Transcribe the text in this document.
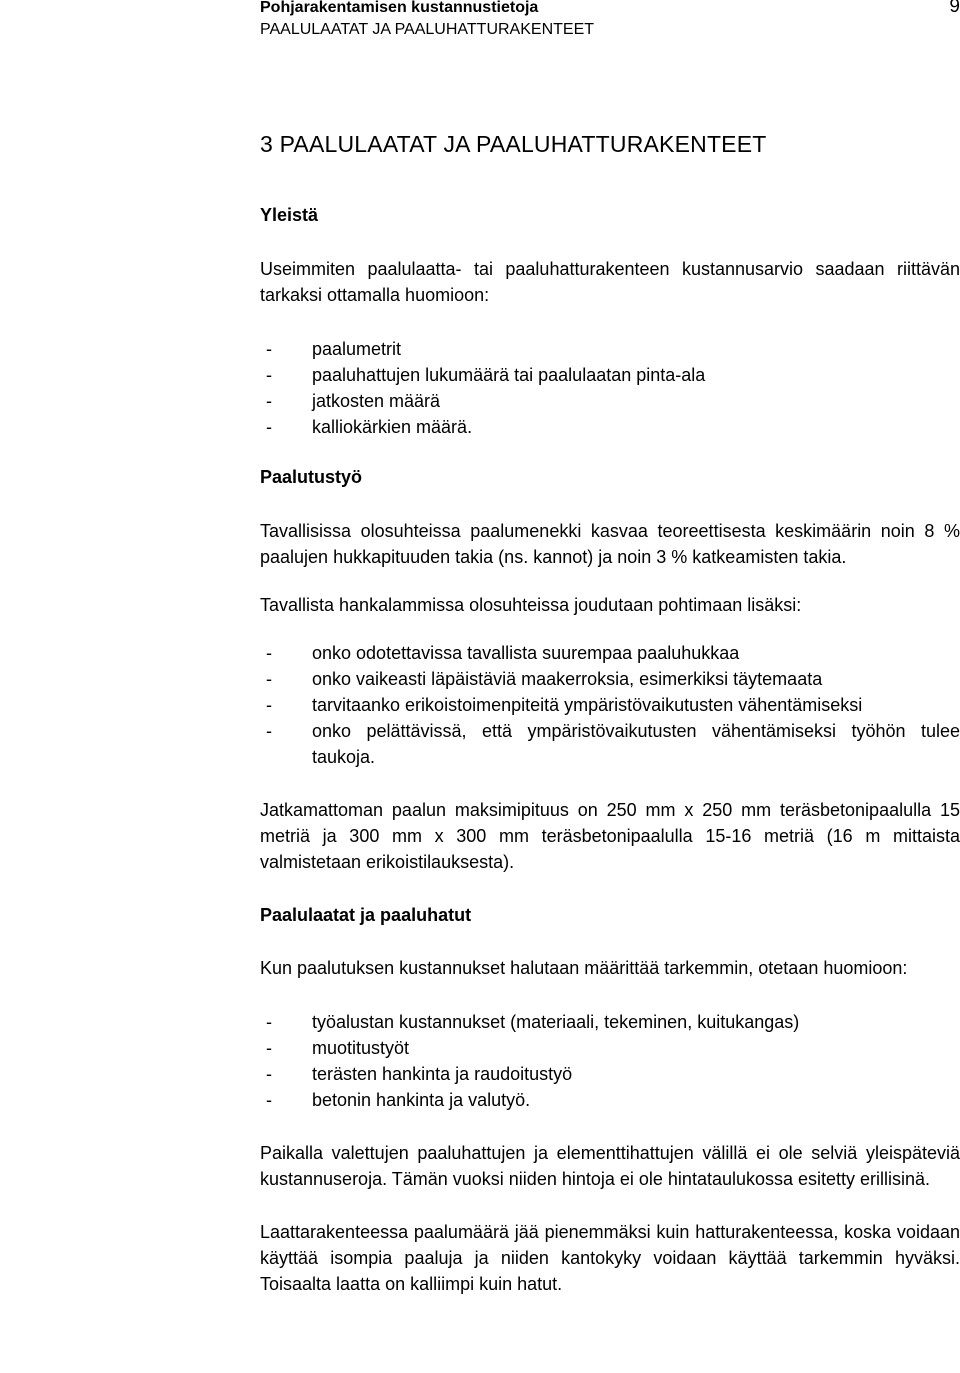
Pohjarakentamisen kustannustietoja
PAALULAATAT JA PAALUHATTURAKENTEET
9
3 PAALULAATAT JA PAALUHATTURAKENTEET
Yleistä

Useimmiten paalulaatta- tai paaluhatturakenteen kustannusarvio saadaan riittävän tarkaksi ottamalla huomioon:

- paalumetrit
- paaluhattujen lukumäärä tai paalulaatan pinta-ala
- jatkosten määrä
- kalliokärkien määrä.
Paalutustyö

Tavallisissa olosuhteissa paalumenekki kasvaa teoreettisesta keskimäärin noin 8 % paalujen hukkapituuden takia (ns. kannot) ja noin 3 % katkeamisten takia.

Tavallista hankalammissa olosuhteissa joudutaan pohtimaan lisäksi:

- onko odotettavissa tavallista suurempaa paaluhukkaa
- onko vaikeasti läpäistäviä maakerroksia, esimerkiksi täytemaata
- tarvitaanko erikoistoimenpiteitä ympäristövaikutusten vähentämiseksi
- onko pelättävissä, että ympäristövaikutusten vähentämiseksi työhön tulee taukoja.

Jatkamattoman paalun maksimipituus on 250 mm x 250 mm teräsbetonipaalulla 15 metriä ja 300 mm x 300 mm teräsbetonipaalulla 15-16 metriä (16 m mittaista valmistetaan erikoistilauksesta).

Paalulaatat ja paaluhatut

Kun paalutuksen kustannukset halutaan määrittää tarkemmin, otetaan huomioon:

- työalustan kustannukset (materiaali, tekeminen, kuitukangas)
- muotitustyöt
- terästen hankinta ja raudoitustyö
- betonin hankinta ja valutyö.

Paikalla valettujen paaluhattujen ja elementtihattujen välillä ei ole selviä yleispäteviä kustannuseroja. Tämän vuoksi niiden hintoja ei ole hintataulukossa esitetty erillisinä.

Laattarakenteessa paalumäärä jää pienemmäksi kuin hatturakenteessa, koska voidaan käyttää isompia paaluja ja niiden kantokyky voidaan käyttää tarkemmin hyväksi. Toisaalta laatta on kalliimpi kuin hatut.
